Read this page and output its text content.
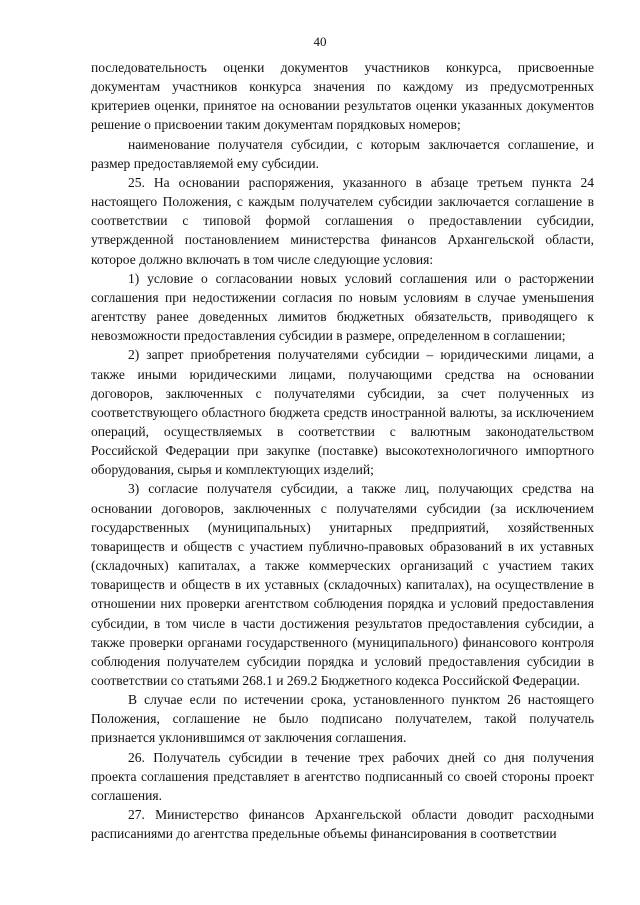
40

последовательность оценки документов участников конкурса, присвоенные документам участников конкурса значения по каждому из предусмотренных критериев оценки, принятое на основании результатов оценки указанных документов решение о присвоении таким документам порядковых номеров;

наименование получателя субсидии, с которым заключается соглашение, и размер предоставляемой ему субсидии.

25. На основании распоряжения, указанного в абзаце третьем пункта 24 настоящего Положения, с каждым получателем субсидии заключается соглашение в соответствии с типовой формой соглашения о предоставлении субсидии, утвержденной постановлением министерства финансов Архангельской области, которое должно включать в том числе следующие условия:

1) условие о согласовании новых условий соглашения или о расторжении соглашения при недостижении согласия по новым условиям в случае уменьшения агентству ранее доведенных лимитов бюджетных обязательств, приводящего к невозможности предоставления субсидии в размере, определенном в соглашении;

2) запрет приобретения получателями субсидии – юридическими лицами, а также иными юридическими лицами, получающими средства на основании договоров, заключенных с получателями субсидии, за счет полученных из соответствующего областного бюджета средств иностранной валюты, за исключением операций, осуществляемых в соответствии с валютным законодательством Российской Федерации при закупке (поставке) высокотехнологичного импортного оборудования, сырья и комплектующих изделий;

3) согласие получателя субсидии, а также лиц, получающих средства на основании договоров, заключенных с получателями субсидии (за исключением государственных (муниципальных) унитарных предприятий, хозяйственных товариществ и обществ с участием публично-правовых образований в их уставных (складочных) капиталах, а также коммерческих организаций с участием таких товариществ и обществ в их уставных (складочных) капиталах), на осуществление в отношении них проверки агентством соблюдения порядка и условий предоставления субсидии, в том числе в части достижения результатов предоставления субсидии, а также проверки органами государственного (муниципального) финансового контроля соблюдения получателем субсидии порядка и условий предоставления субсидии в соответствии со статьями 268.1 и 269.2 Бюджетного кодекса Российской Федерации.

В случае если по истечении срока, установленного пунктом 26 настоящего Положения, соглашение не было подписано получателем, такой получатель признается уклонившимся от заключения соглашения.

26. Получатель субсидии в течение трех рабочих дней со дня получения проекта соглашения представляет в агентство подписанный со своей стороны проект соглашения.

27. Министерство финансов Архангельской области доводит расходными расписаниями до агентства предельные объемы финансирования в соответствии
